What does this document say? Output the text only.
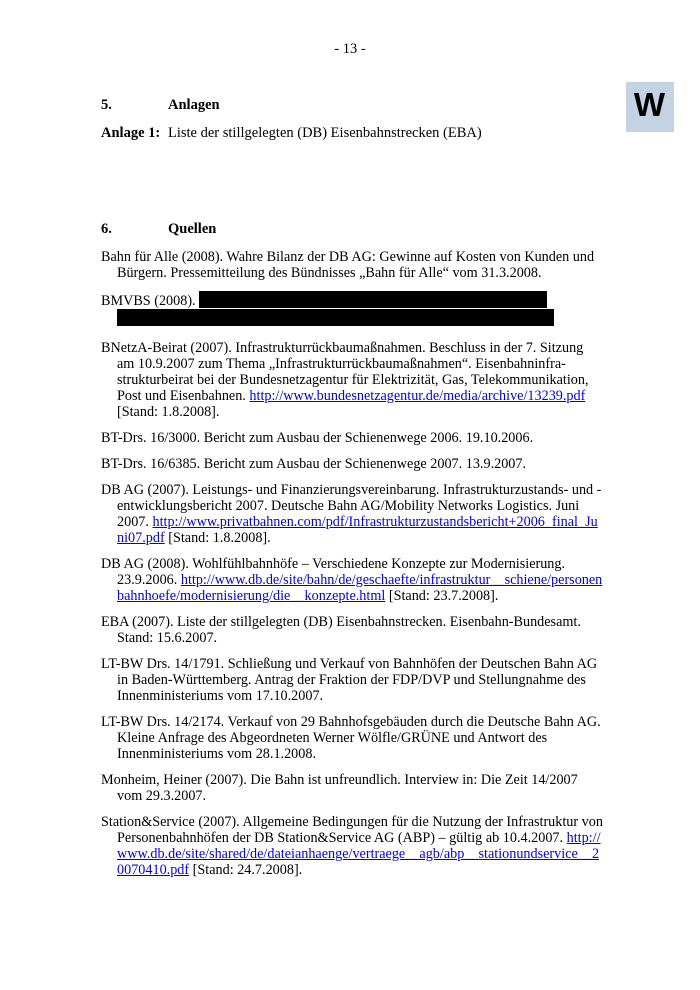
- 13 -
W
5.	Anlagen
Anlage 1: Liste der stillgelegten (DB) Eisenbahnstrecken (EBA)
6.	Quellen
Bahn für Alle (2008). Wahre Bilanz der DB AG: Gewinne auf Kosten von Kunden und Bürgern. Pressemitteilung des Bündnisses „Bahn für Alle“ vom 31.3.2008.
BMVBS (2008).
BNetzA-Beirat (2007). Infrastrukturrückbaumaßnahmen. Beschluss in der 7. Sitzung am 10.9.2007 zum Thema „Infrastrukturrückbaumaßnahmen“. Eisenbahninfrastrukturbeirat bei der Bundesnetzagentur für Elektrizität, Gas, Telekommunikation, Post und Eisenbahnen. http://www.bundesnetzagentur.de/media/archive/13239.pdf [Stand: 1.8.2008].
BT-Drs. 16/3000. Bericht zum Ausbau der Schienenwege 2006. 19.10.2006.
BT-Drs. 16/6385. Bericht zum Ausbau der Schienenwege 2007. 13.9.2007.
DB AG (2007). Leistungs- und Finanzierungsvereinbarung. Infrastrukturzustands- und -entwicklungsbericht 2007. Deutsche Bahn AG/Mobility Networks Logistics. Juni 2007. http://www.privatbahnen.com/pdf/Infrastrukturzustandsbericht+2006_final_Juni07.pdf [Stand: 1.8.2008].
DB AG (2008). Wohlfühlbahnhöfe – Verschiedene Konzepte zur Modernisierung. 23.9.2006. http://www.db.de/site/bahn/de/geschaefte/infrastruktur__schiene/personenbahnhoefe/modernisierung/die__konzepte.html [Stand: 23.7.2008].
EBA (2007). Liste der stillgelegten (DB) Eisenbahnstrecken. Eisenbahn-Bundesamt. Stand: 15.6.2007.
LT-BW Drs. 14/1791. Schließung und Verkauf von Bahnhöfen der Deutschen Bahn AG in Baden-Württemberg. Antrag der Fraktion der FDP/DVP und Stellungnahme des Innenministeriums vom 17.10.2007.
LT-BW Drs. 14/2174. Verkauf von 29 Bahnhofsgebäuden durch die Deutsche Bahn AG. Kleine Anfrage des Abgeordneten Werner Wölfle/GRÜNE und Antwort des Innenministeriums vom 28.1.2008.
Monheim, Heiner (2007). Die Bahn ist unfreundlich. Interview in: Die Zeit 14/2007 vom 29.3.2007.
Station&Service (2007). Allgemeine Bedingungen für die Nutzung der Infrastruktur von Personenbahnhöfen der DB Station&Service AG (ABP) – gültig ab 10.4.2007. http://www.db.de/site/shared/de/dateianhaenge/vertraege__agb/abp__stationundservice__20070410.pdf [Stand: 24.7.2008].
